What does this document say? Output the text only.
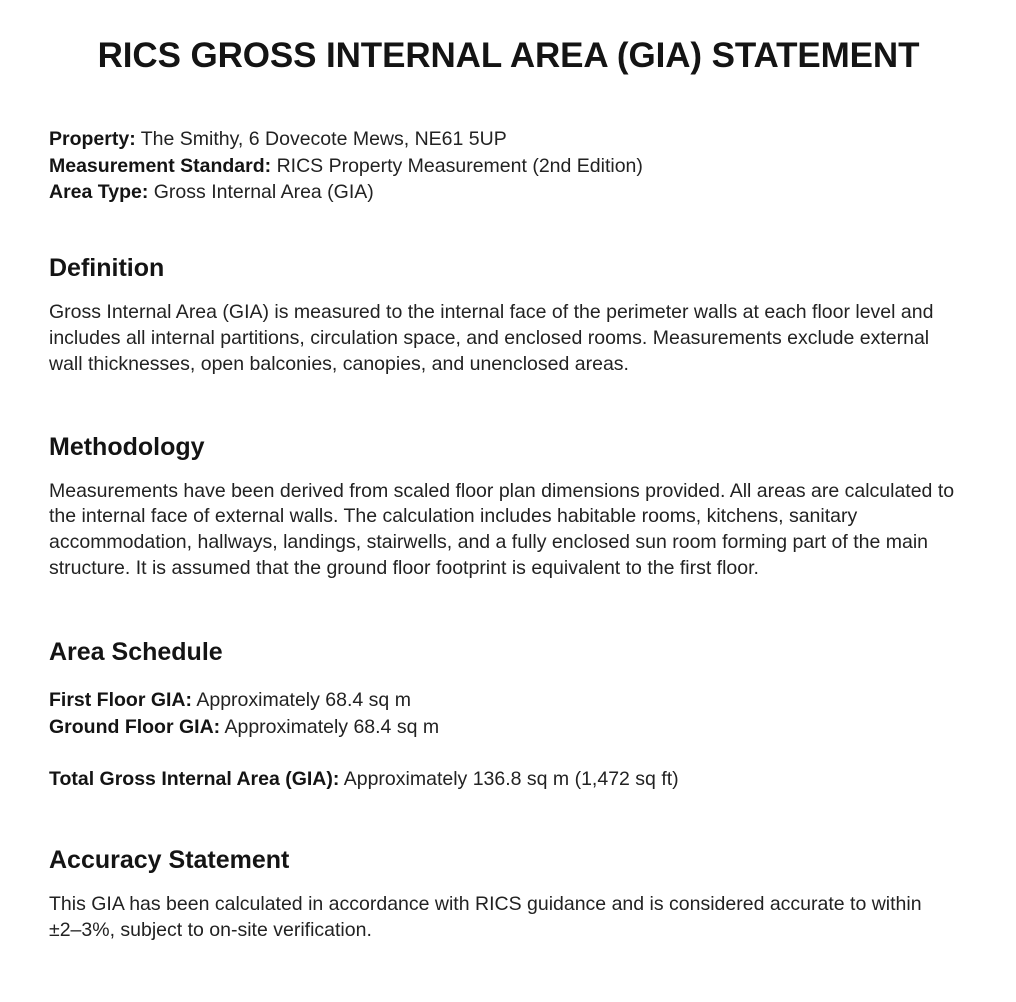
RICS GROSS INTERNAL AREA (GIA) STATEMENT
Property: The Smithy, 6 Dovecote Mews, NE61 5UP
Measurement Standard: RICS Property Measurement (2nd Edition)
Area Type: Gross Internal Area (GIA)
Definition

Gross Internal Area (GIA) is measured to the internal face of the perimeter walls at each floor level and includes all internal partitions, circulation space, and enclosed rooms. Measurements exclude external wall thicknesses, open balconies, canopies, and unenclosed areas.

Methodology

Measurements have been derived from scaled floor plan dimensions provided. All areas are calculated to the internal face of external walls. The calculation includes habitable rooms, kitchens, sanitary accommodation, hallways, landings, stairwells, and a fully enclosed sun room forming part of the main structure. It is assumed that the ground floor footprint is equivalent to the first floor.

Area Schedule
First Floor GIA: Approximately 68.4 sq m
Ground Floor GIA: Approximately 68.4 sq m
Total Gross Internal Area (GIA): Approximately 136.8 sq m (1,472 sq ft)
Accuracy Statement

This GIA has been calculated in accordance with RICS guidance and is considered accurate to within ±2–3%, subject to on-site verification.
